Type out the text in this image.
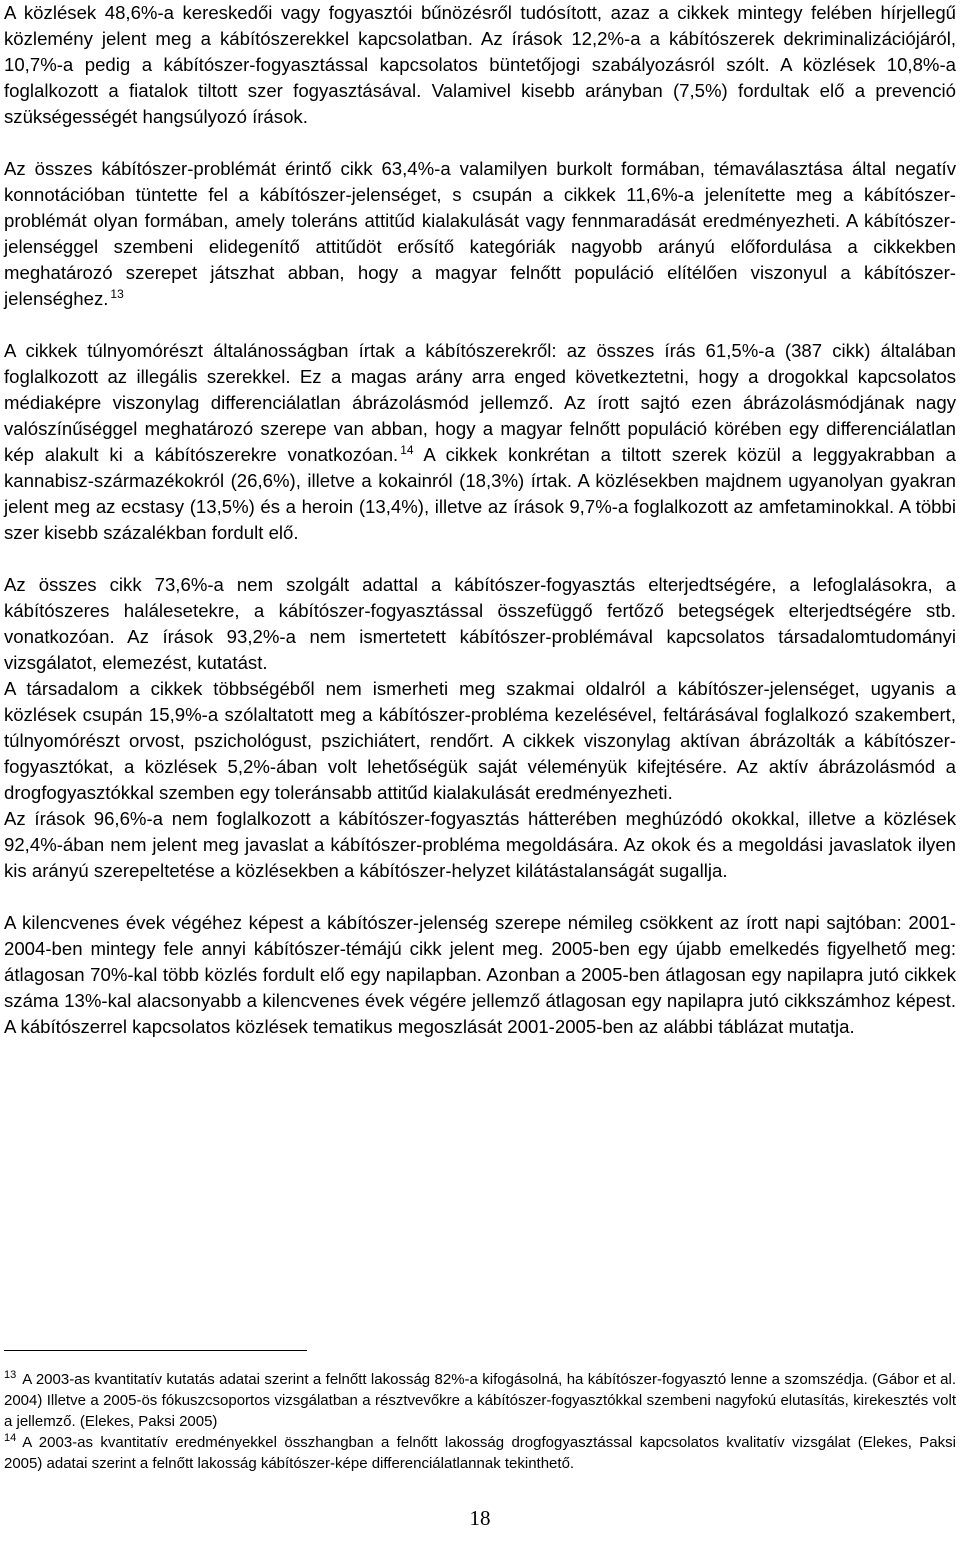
A közlések 48,6%-a kereskedői vagy fogyasztói bűnözésről tudósított, azaz a cikkek mintegy felében hírjellegű közlemény jelent meg a kábítószerekkel kapcsolatban. Az írások 12,2%-a a kábítószerek dekriminalizációjáról, 10,7%-a pedig a kábítószer-fogyasztással kapcsolatos büntetőjogi szabályozásról szólt. A közlések 10,8%-a foglalkozott a fiatalok tiltott szer fogyasztásával. Valamivel kisebb arányban (7,5%) fordultak elő a prevenció szükségességét hangsúlyozó írások.

Az összes kábítószer-problémát érintő cikk 63,4%-a valamilyen burkolt formában, témaválasztása által negatív konnotációban tüntette fel a kábítószer-jelenséget, s csupán a cikkek 11,6%-a jelenítette meg a kábítószer-problémát olyan formában, amely toleráns attitűd kialakulását vagy fennmaradását eredményezheti. A kábítószer-jelenséggel szembeni elidegenítő attitűdöt erősítő kategóriák nagyobb arányú előfordulása a cikkekben meghatározó szerepet játszhat abban, hogy a magyar felnőtt populáció elítélően viszonyul a kábítószer-jelenséghez. $^{13}$

A cikkek túlnyomórészt általánosságban írtak a kábítószerekről: az összes írás 61,5%-a (387 cikk) általában foglalkozott az illegális szerekkel. Ez a magas arány arra enged következtetni, hogy a drogokkal kapcsolatos médiaképre viszonylag differenciálatlan ábrázolásmód jellemző. Az írott sajtó ezen ábrázolásmódjának nagy valószínűséggel meghatározó szerepe van abban, hogy a magyar felnőtt populáció körében egy differenciálatlan kép alakult ki a kábítószerekre vonatkozóan. $^{14}$ A cikkek konkrétan a tiltott szerek közül a leggyakrabban a kannabisz-származékokról (26,6%), illetve a kokainról (18,3%) írtak. A közlésekben majdnem ugyanolyan gyakran jelent meg az ecstasy (13,5%) és a heroin (13,4%), illetve az írások 9,7%-a foglalkozott az amfetaminokkal. A többi szer kisebb százalékban fordult elő.

Az összes cikk 73,6%-a nem szolgált adattal a kábítószer-fogyasztás elterjedtségére, a lefoglalásokra, a kábítószeres halálesetekre, a kábítószer-fogyasztással összefüggő fertőző betegségek elterjedtségére stb. vonatkozóan. Az írások 93,2%-a nem ismertetett kábítószer-problémával kapcsolatos társadalomtudományi vizsgálatot, elemezést, kutatást.

A társadalom a cikkek többségéből nem ismerheti meg szakmai oldalról a kábítószer-jelenséget, ugyanis a közlések csupán 15,9%-a szólaltatott meg a kábítószer-probléma kezelésével, feltárásával foglalkozó szakembert, túlnyomórészt orvost, pszichológust, pszichiátert, rendőrt. A cikkek viszonylag aktívan ábrázolták a kábítószer-fogyasztókat, a közlések 5,2%-ában volt lehetőségük saját véleményük kifejtésére. Az aktív ábrázolásmód a drogfogyasztókkal szemben egy toleránsabb attitűd kialakulását eredményezheti.

Az írások 96,6%-a nem foglalkozott a kábítószer-fogyasztás hátterében meghúzódó okokkal, illetve a közlések 92,4%-ában nem jelent meg javaslat a kábítószer-probléma megoldására. Az okok és a megoldási javaslatok ilyen kis arányú szerepeltetése a közlésekben a kábítószer-helyzet kilátástalanságát sugallja.

A kilencvenes évek végéhez képest a kábítószer-jelenség szerepe némileg csökkent az írott napi sajtóban: 2001-2004-ben mintegy fele annyi kábítószer-témájú cikk jelent meg. 2005-ben egy újabb emelkedés figyelhető meg: átlagosan 70%-kal több közlés fordult elő egy napilapban. Azonban a 2005-ben átlagosan egy napilapra jutó cikkek száma 13%-kal alacsonyabb a kilencvenes évek végére jellemző átlagosan egy napilapra jutó cikkszámhoz képest. A kábítószerrel kapcsolatos közlések tematikus megoszlását 2001-2005-ben az alábbi táblázat mutatja.

$^{13}$ A 2003-as kvantitatív kutatás adatai szerint a felnőtt lakosság 82%-a kifogásolná, ha kábítószer-fogyasztó lenne a szomszédja. (Gábor et al. 2004) Illetve a 2005-ös fókuszcsoportos vizsgálatban a résztvevőkre a kábítószer-fogyasztókkal szembeni nagyfokú elutasítás, kirekesztés volt a jellemző. (Elekes, Paksi 2005)

$^{14}$ A 2003-as kvantitatív eredményekkel összhangban a felnőtt lakosság drogfogyasztással kapcsolatos kvalitatív vizsgálat (Elekes, Paksi 2005) adatai szerint a felnőtt lakosság kábítószer-képe differenciálatlannak tekinthető.

18
